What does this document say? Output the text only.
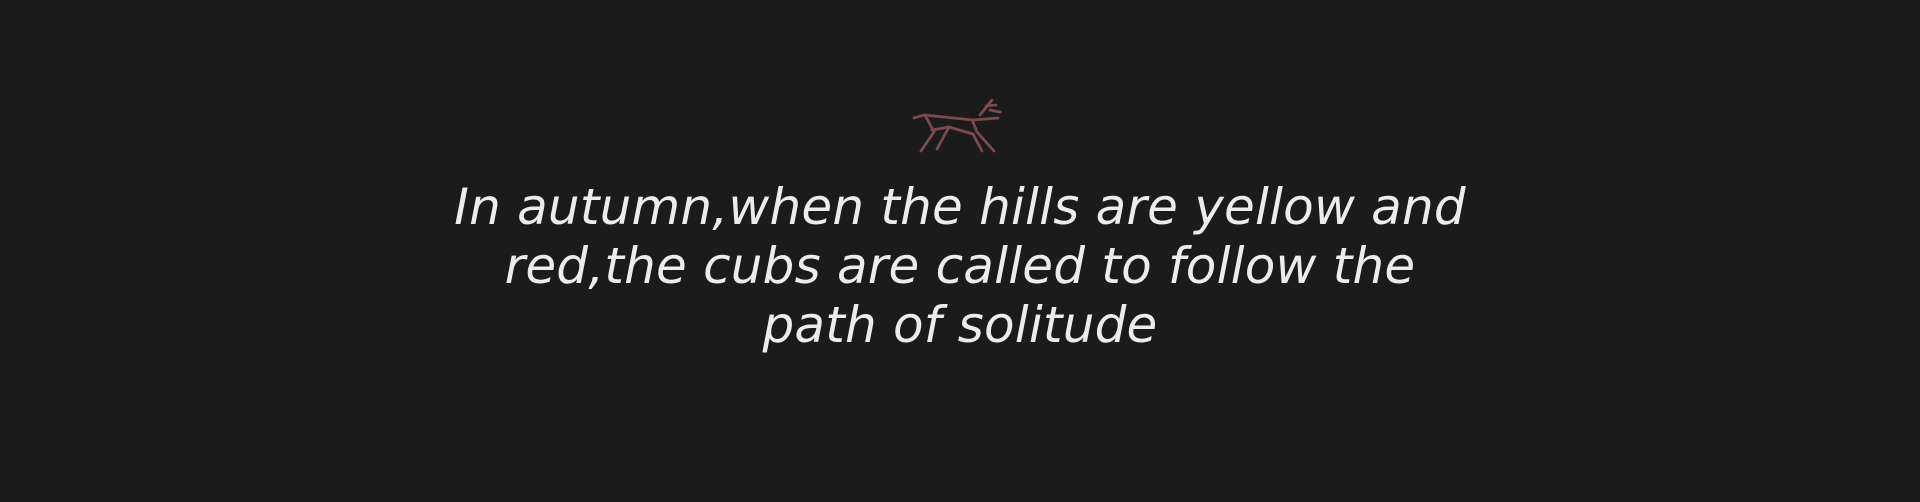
In autumn,when the hills are yellow and
red,the cubs are called to follow the
path of solitude
